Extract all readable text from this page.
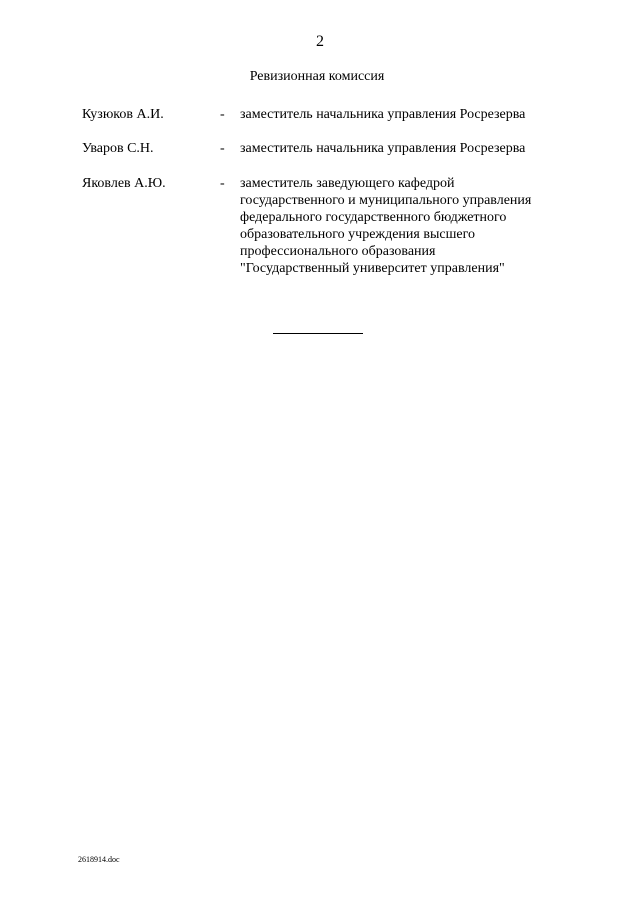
2
Ревизионная комиссия
Кузюков А.И.	- заместитель начальника управления Росрезерва
Уваров С.Н.	- заместитель начальника управления Росрезерва
Яковлев А.Ю.	- заместитель заведующего кафедрой
государственного и муниципального управления
федерального государственного бюджетного
образовательного учреждения высшего
профессионального образования
"Государственный университет управления"
2618914.doc
